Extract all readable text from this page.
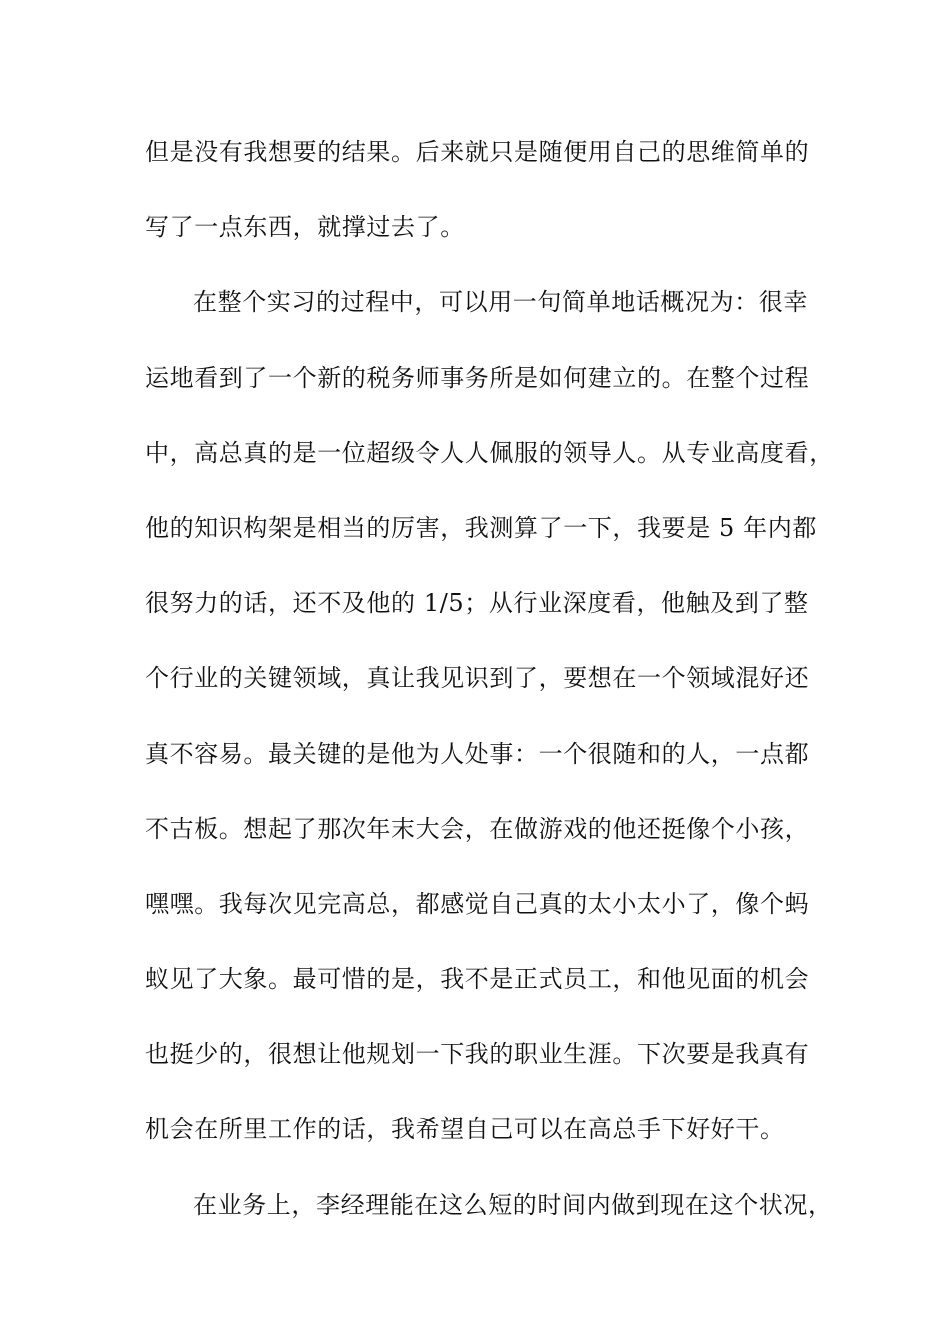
但是没有我想要的结果。后来就只是随便用自己的思维简单的
写了一点东西，就撑过去了。
在整个实习的过程中，可以用一句简单地话概况为：很幸
运地看到了一个新的税务师事务所是如何建立的。在整个过程
中，高总真的是一位超级令人人佩服的领导人。从专业高度看，
他的知识构架是相当的厉害，我测算了一下，我要是 5 年内都
很努力的话，还不及他的 1/5；从行业深度看，他触及到了整
个行业的关键领域，真让我见识到了，要想在一个领域混好还
真不容易。最关键的是他为人处事：一个很随和的人，一点都
不古板。想起了那次年末大会，在做游戏的他还挺像个小孩，
嘿嘿。我每次见完高总，都感觉自己真的太小太小了，像个蚂
蚁见了大象。最可惜的是，我不是正式员工，和他见面的机会
也挺少的，很想让他规划一下我的职业生涯。下次要是我真有
机会在所里工作的话，我希望自己可以在高总手下好好干。
在业务上，李经理能在这么短的时间内做到现在这个状况，
